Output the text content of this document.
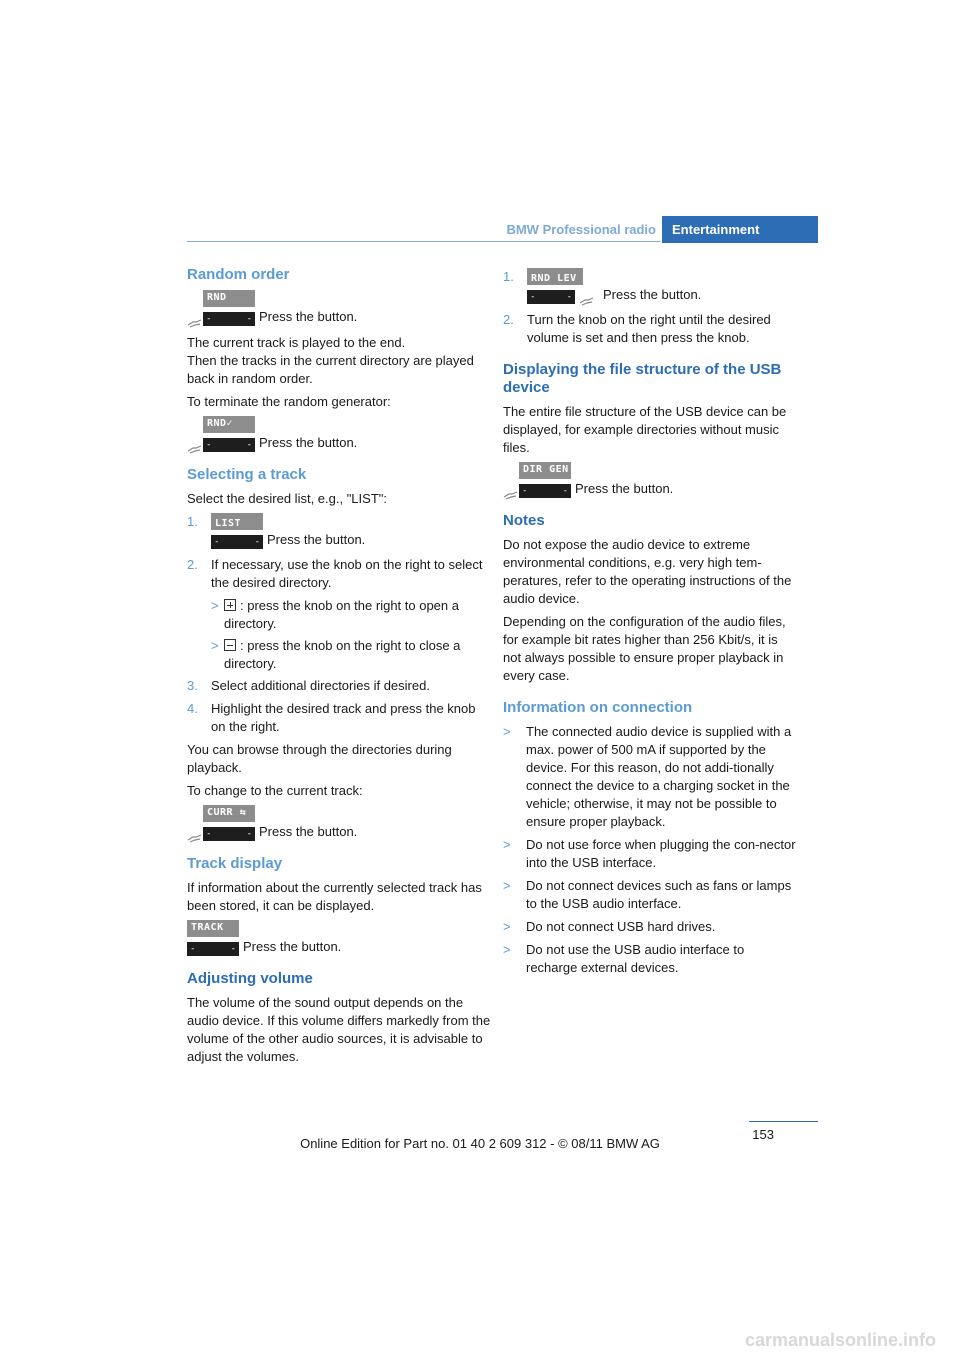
BMW Professional radio	Entertainment
Random order
RND
-	- Press the button.

The current track is played to the end.

Then the tracks in the current directory are played back in random order.

To terminate the random generator:

RND✓
-	- Press the button.
Selecting a track

Select the desired list, e.g., "LIST":

1.	LIST
-	- Press the button.
2.	If necessary, use the knob on the right to select the desired directory.
>	: press the knob on the right to open a directory.
>	: press the knob on the right to close a directory.
3.	Select additional directories if desired.
4.	Highlight the desired track and press the knob on the right.

You can browse through the directories during playback.

To change to the current track:

CURR ⇆
-	- Press the button.
Track display

If information about the currently selected track has been stored, it can be displayed.

TRACK
-	- Press the button.
Adjusting volume

The volume of the sound output depends on the audio device. If this volume differs markedly from the volume of the other audio sources, it is advisable to adjust the volumes.

1.	RND LEV
-	- Press the button.
2.	Turn the knob on the right until the desired volume is set and then press the knob.
Displaying the file structure of the USB device

The entire file structure of the USB device can be displayed, for example directories without music files.

DIR GEN
-	- Press the button.
Notes

Do not expose the audio device to extreme environmental conditions, e.g. very high tem-peratures, refer to the operating instructions of the audio device.

Depending on the configuration of the audio files, for example bit rates higher than 256 Kbit/s, it is not always possible to ensure proper playback in every case.

Information on connection
>	The connected audio device is supplied with a max. power of 500 mA if supported by the device. For this reason, do not addi-tionally connect the device to a charging socket in the vehicle; otherwise, it may not be possible to ensure proper playback.
>	Do not use force when plugging the con-nector into the USB interface.
>	Do not connect devices such as fans or lamps to the USB audio interface.
>	Do not connect USB hard drives.
>	Do not use the USB audio interface to recharge external devices.
153
Online Edition for Part no. 01 40 2 609 312 - © 08/11 BMW AG
carmanualsonline.info
